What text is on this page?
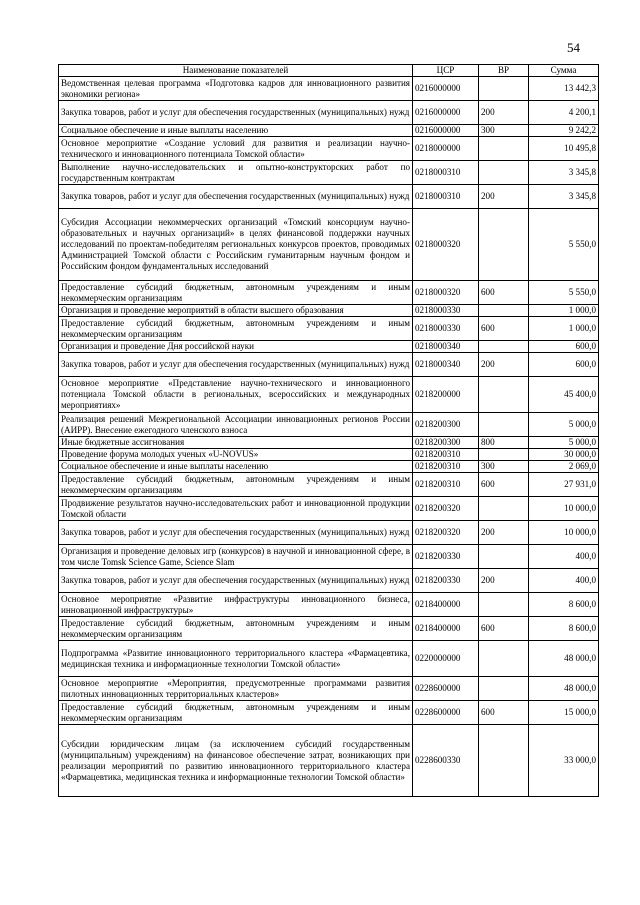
54
Наименование показателей	ЦСР	ВР	Сумма
Ведомственная целевая программа «Подготовка кадров для инновационного развития экономики региона»	0216000000		13 442,3
Закупка товаров, работ и услуг для обеспечения государственных (муниципальных) нужд	0216000000	200	4 200,1
Социальное обеспечение и иные выплаты населению	0216000000	300	9 242,2
Основное мероприятие «Создание условий для развития и реализации научно-технического и инновационного потенциала Томской области»	0218000000		10 495,8
Выполнение научно-исследовательских и опытно-конструкторских работ по государственным контрактам	0218000310		3 345,8
Закупка товаров, работ и услуг для обеспечения государственных (муниципальных) нужд	0218000310	200	3 345,8
Субсидия Ассоциации некоммерческих организаций «Томский консорциум научно-образовательных и научных организаций» в целях финансовой поддержки научных исследований по проектам-победителям региональных конкурсов проектов, проводимых Администрацией Томской области с Российским гуманитарным научным фондом и Российским фондом фундаментальных исследований	0218000320		5 550,0
Предоставление субсидий бюджетным, автономным учреждениям и иным некоммерческим организациям	0218000320	600	5 550,0
Организация и проведение мероприятий в области высшего образования	0218000330		1 000,0
Предоставление субсидий бюджетным, автономным учреждениям и иным некоммерческим организациям	0218000330	600	1 000,0
Организация и проведение Дня российской науки	0218000340		600,0
Закупка товаров, работ и услуг для обеспечения государственных (муниципальных) нужд	0218000340	200	600,0
Основное мероприятие «Представление научно-технического и инновационного потенциала Томской области в региональных, всероссийских и международных мероприятиях»	0218200000		45 400,0
Реализация решений Межрегиональной Ассоциации инновационных регионов России (АИРР). Внесение ежегодного членского взноса	0218200300		5 000,0
Иные бюджетные ассигнования	0218200300	800	5 000,0
Проведение форума молодых ученых «U-NOVUS»	0218200310		30 000,0
Социальное обеспечение и иные выплаты населению	0218200310	300	2 069,0
Предоставление субсидий бюджетным, автономным учреждениям и иным некоммерческим организациям	0218200310	600	27 931,0
Продвижение результатов научно-исследовательских работ и инновационной продукции Томской области	0218200320		10 000,0
Закупка товаров, работ и услуг для обеспечения государственных (муниципальных) нужд	0218200320	200	10 000,0
Организация и проведение деловых игр (конкурсов) в научной и инновационной сфере, в том числе Tomsk Science Game, Science Slam	0218200330		400,0
Закупка товаров, работ и услуг для обеспечения государственных (муниципальных) нужд	0218200330	200	400,0
Основное мероприятие «Развитие инфраструктуры инновационного бизнеса, инновационной инфраструктуры»	0218400000		8 600,0
Предоставление субсидий бюджетным, автономным учреждениям и иным некоммерческим организациям	0218400000	600	8 600,0
Подпрограмма «Развитие инновационного территориального кластера «Фармацевтика, медицинская техника и информационные технологии Томской области»	0220000000		48 000,0
Основное мероприятие «Мероприятия, предусмотренные программами развития пилотных инновационных территориальных кластеров»	0228600000		48 000,0
Предоставление субсидий бюджетным, автономным учреждениям и иным некоммерческим организациям	0228600000	600	15 000,0
Субсидии юридическим лицам (за исключением субсидий государственным (муниципальным) учреждениям) на финансовое обеспечение затрат, возникающих при реализации мероприятий по развитию инновационного территориального кластера «Фармацевтика, медицинская техника и информационные технологии Томской области»	0228600330		33 000,0
